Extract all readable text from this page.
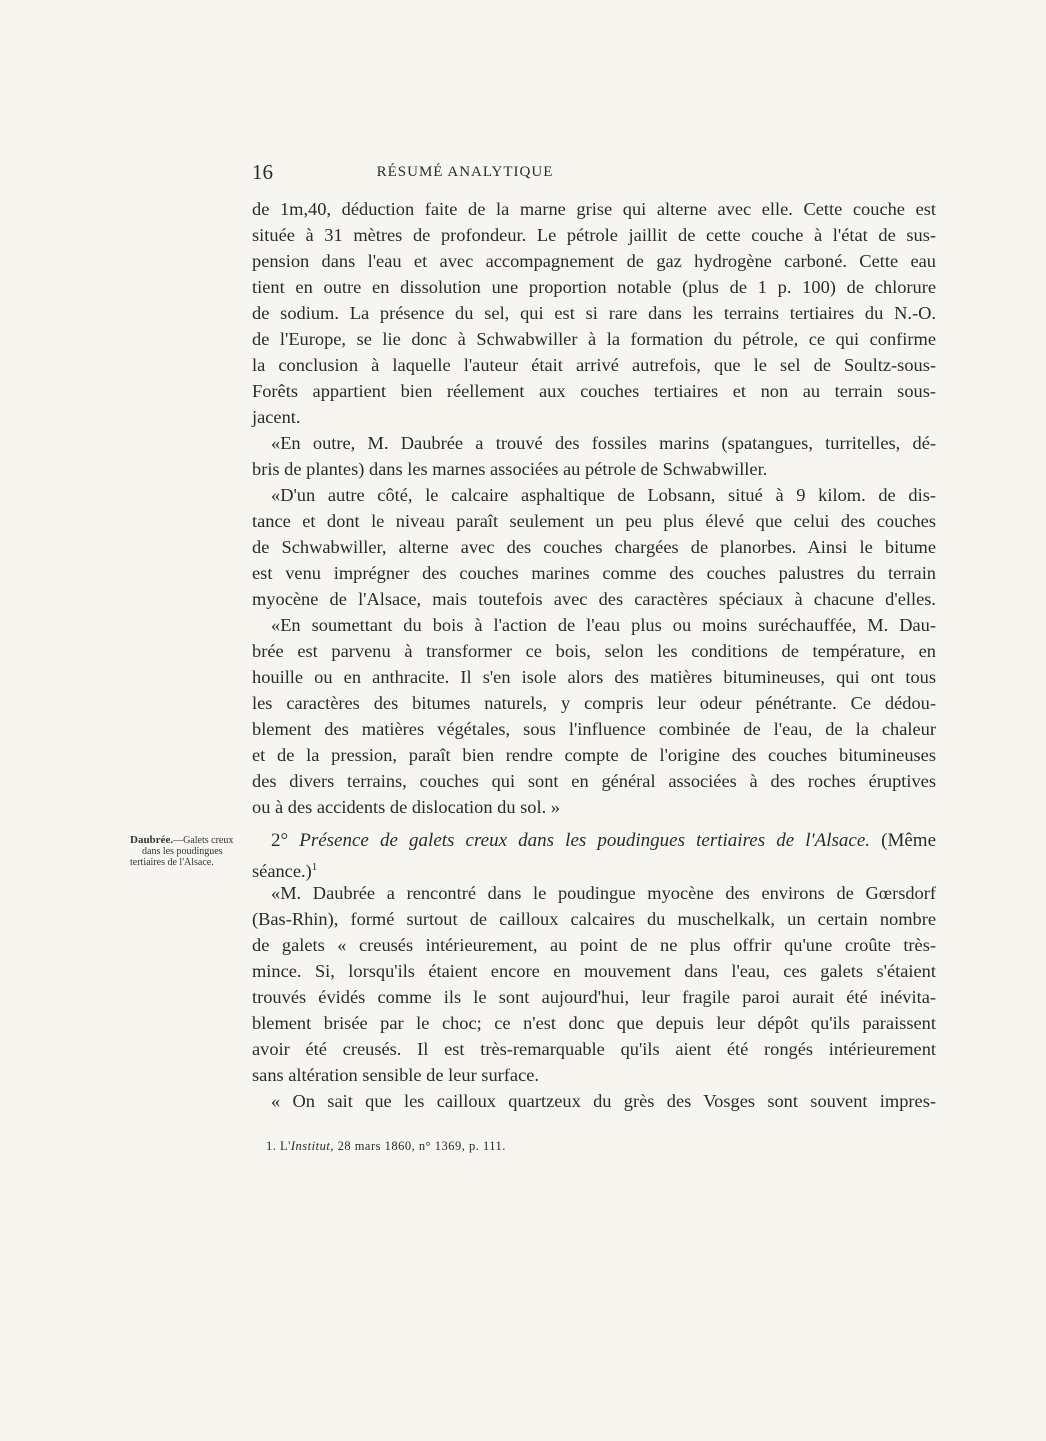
16	RÉSUMÉ ANALYTIQUE
Daubrée.—Galets creux
dans les poudingues
tertiaires de l'Alsace.
de 1m,40, déduction faite de la marne grise qui alterne avec elle. Cette couche est
située à 31 mètres de profondeur. Le pétrole jaillit de cette couche à l'état de sus-
pension dans l'eau et avec accompagnement de gaz hydrogène carboné. Cette eau
tient en outre en dissolution une proportion notable (plus de 1 p. 100) de chlorure
de sodium. La présence du sel, qui est si rare dans les terrains tertiaires du N.-O.
de l'Europe, se lie donc à Schwabwiller à la formation du pétrole, ce qui confirme
la conclusion à laquelle l'auteur était arrivé autrefois, que le sel de Soultz-sous-
Forêts appartient bien réellement aux couches tertiaires et non au terrain sous-
jacent.
«En outre, M. Daubrée a trouvé des fossiles marins (spatangues, turritelles, dé-
bris de plantes) dans les marnes associées au pétrole de Schwabwiller.
«D'un autre côté, le calcaire asphaltique de Lobsann, situé à 9 kilom. de dis-
tance et dont le niveau paraît seulement un peu plus élevé que celui des couches
de Schwabwiller, alterne avec des couches chargées de planorbes. Ainsi le bitume
est venu imprégner des couches marines comme des couches palustres du terrain
myocène de l'Alsace, mais toutefois avec des caractères spéciaux à chacune d'elles.
«En soumettant du bois à l'action de l'eau plus ou moins suréchauffée, M. Dau-
brée est parvenu à transformer ce bois, selon les conditions de température, en
houille ou en anthracite. Il s'en isole alors des matières bitumineuses, qui ont tous
les caractères des bitumes naturels, y compris leur odeur pénétrante. Ce dédou-
blement des matières végétales, sous l'influence combinée de l'eau, de la chaleur
et de la pression, paraît bien rendre compte de l'origine des couches bitumineuses
des divers terrains, couches qui sont en général associées à des roches éruptives
ou à des accidents de dislocation du sol. »
2° Présence de galets creux dans les poudingues tertiaires de l'Alsace. (Même
séance.)$^1$
«M. Daubrée a rencontré dans le poudingue myocène des environs de Gœrsdorf
(Bas-Rhin), formé surtout de cailloux calcaires du muschelkalk, un certain nombre
de galets « creusés intérieurement, au point de ne plus offrir qu'une croûte très-
mince. Si, lorsqu'ils étaient encore en mouvement dans l'eau, ces galets s'étaient
trouvés évidés comme ils le sont aujourd'hui, leur fragile paroi aurait été inévita-
blement brisée par le choc; ce n'est donc que depuis leur dépôt qu'ils paraissent
avoir été creusés. Il est très-remarquable qu'ils aient été rongés intérieurement
sans altération sensible de leur surface.
« On sait que les cailloux quartzeux du grès des Vosges sont souvent impres-
1. L'Institut, 28 mars 1860, n° 1369, p. 111.
